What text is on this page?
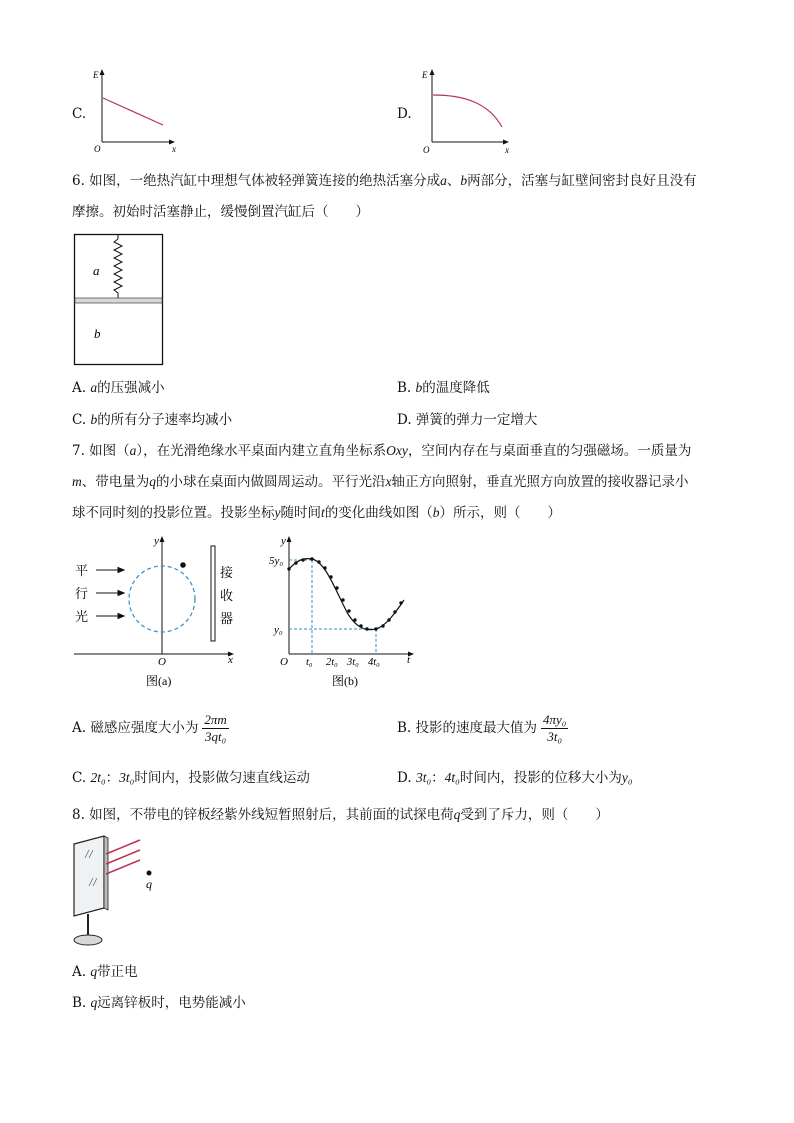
C.
E
x
O
D.
E
x
O
6. 如图，一绝热汽缸中理想气体被轻弹簧连接的绝热活塞分成a、b两部分，活塞与缸壁间密封良好且没有
摩擦。初始时活塞静止，缓慢倒置汽缸后（　　）
a
b
A. a的压强减小	B. b的温度降低
C. b的所有分子速率均减小	D. 弹簧的弹力一定增大
7. 如图（a），在光滑绝缘水平桌面内建立直角坐标系Oxy，空间内存在与桌面垂直的匀强磁场。一质量为
m、带电量为q的小球在桌面内做圆周运动。平行光沿x轴正方向照射，垂直光照方向放置的接收器记录小
球不同时刻的投影位置。投影坐标y随时间t的变化曲线如图（b）所示，则（　　）
平
行
光
接
收
器
y
x
O
图(a)
y
t
O
5y₀
y₀
t₀ 2t₀ 3t₀ 4t₀
图(b)
A. 磁感应强度大小为 $\frac{2\pi m}{\text{3qt₀}}$	B. 投影的速度最大值为 $\frac{\text{4πy₀}}{\text{3t₀}}$
C. 2t₀：3t₀时间内，投影做匀速直线运动	D. 3t₀：4t₀时间内，投影的位移大小为y₀
8. 如图，不带电的锌板经紫外线短暂照射后，其前面的试探电荷q受到了斥力，则（　　）
q
A. q带正电
B. q远离锌板时，电势能减小
